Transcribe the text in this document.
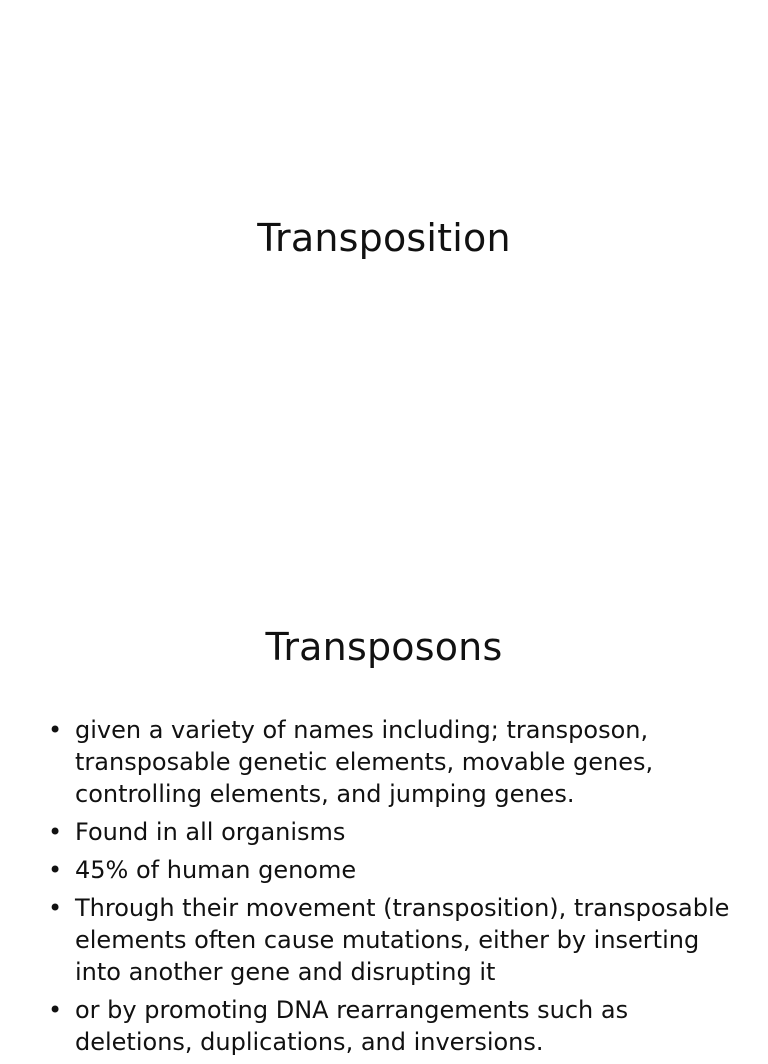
Transposition
Transposons
• given a variety of names including; transposon, transposable genetic elements, movable genes, controlling elements, and jumping genes.
• Found in all organisms
• 45% of human genome
• Through their movement (transposition), transposable elements often cause mutations, either by inserting into another gene and disrupting it
• or by promoting DNA rearrangements such as deletions, duplications, and inversions.
